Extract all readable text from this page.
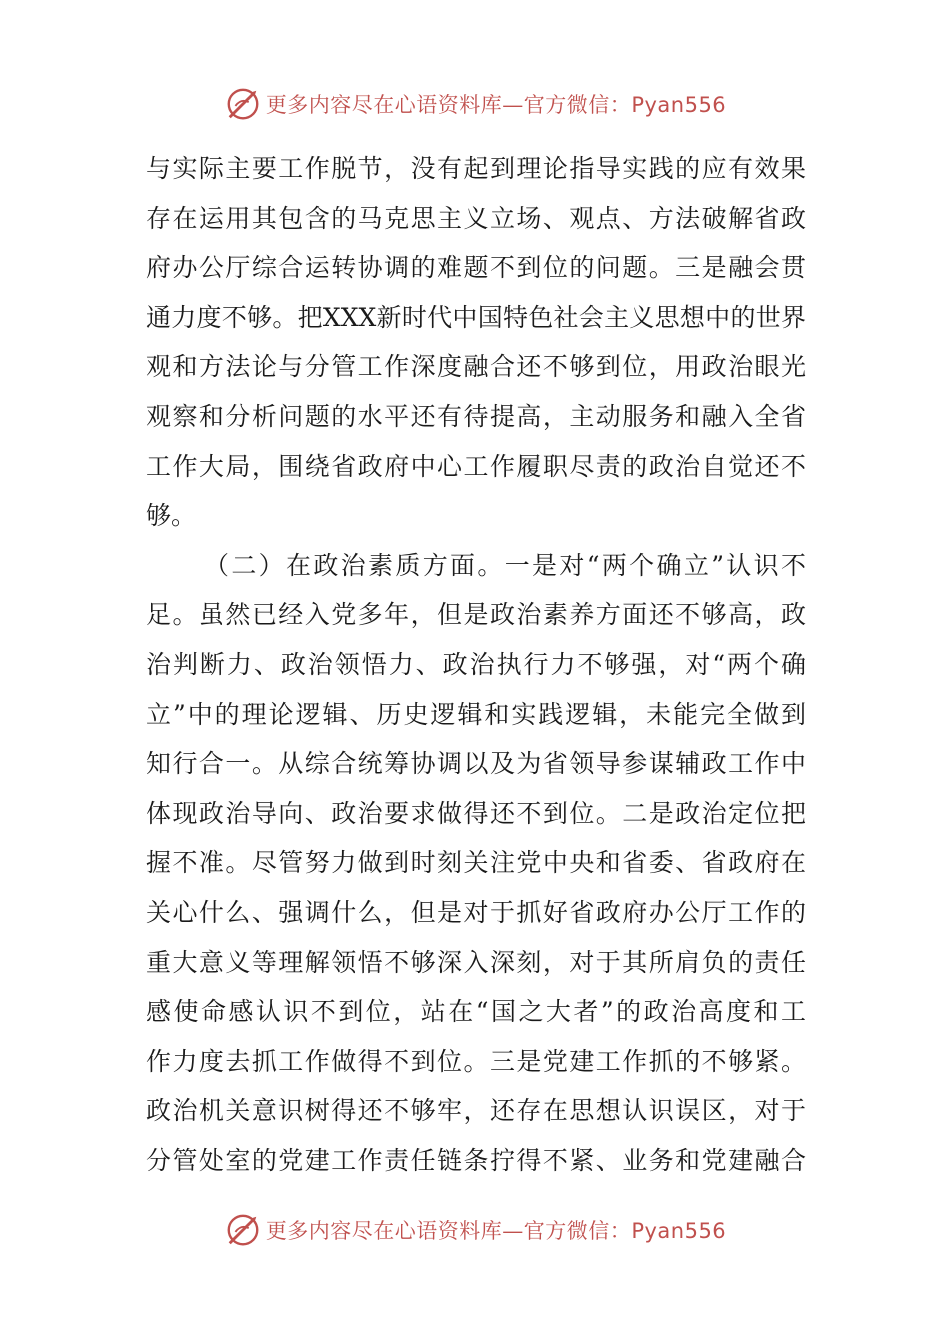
更多内容尽在心语资料库—官方微信：Pyan556
与实际主要工作脱节，没有起到理论指导实践的应有效果
存在运用其包含的马克思主义立场、观点、方法破解省政
府办公厅综合运转协调的难题不到位的问题。三是融会贯
通力度不够。把XXX新时代中国特色社会主义思想中的世界
观和方法论与分管工作深度融合还不够到位，用政治眼光
观察和分析问题的水平还有待提高，主动服务和融入全省
工作大局，围绕省政府中心工作履职尽责的政治自觉还不
够。
（二）在政治素质方面。一是对“两个确立”认识不
足。虽然已经入党多年，但是政治素养方面还不够高，政
治判断力、政治领悟力、政治执行力不够强，对“两个确
立”中的理论逻辑、历史逻辑和实践逻辑，未能完全做到
知行合一。从综合统筹协调以及为省领导参谋辅政工作中
体现政治导向、政治要求做得还不到位。二是政治定位把
握不准。尽管努力做到时刻关注党中央和省委、省政府在
关心什么、强调什么，但是对于抓好省政府办公厅工作的
重大意义等理解领悟不够深入深刻，对于其所肩负的责任
感使命感认识不到位，站在“国之大者”的政治高度和工
作力度去抓工作做得不到位。三是党建工作抓的不够紧。
政治机关意识树得还不够牢，还存在思想认识误区，对于
分管处室的党建工作责任链条拧得不紧、业务和党建融合
更多内容尽在心语资料库—官方微信：Pyan556
